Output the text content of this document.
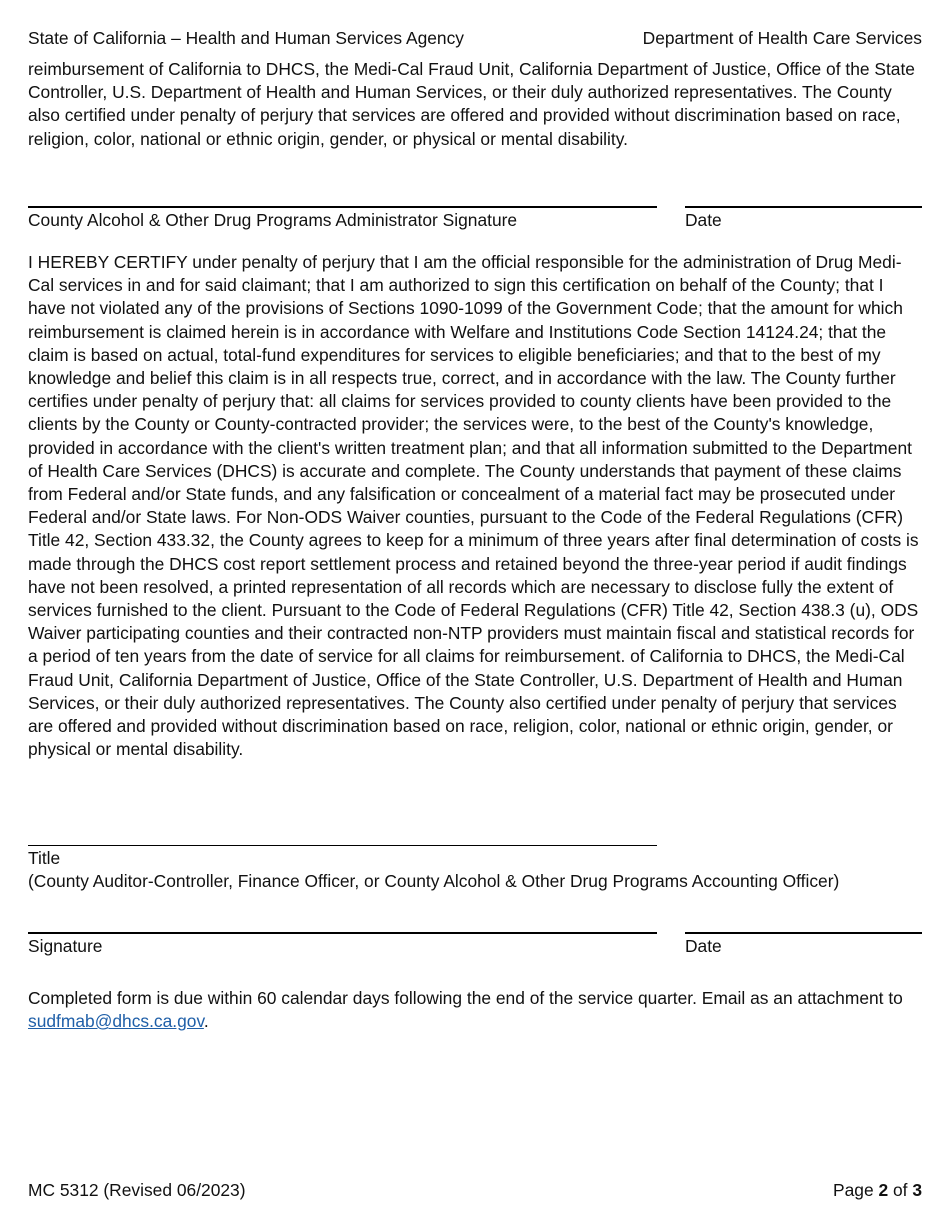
State of California – Health and Human Services Agency	Department of Health Care Services

reimbursement of California to DHCS, the Medi-Cal Fraud Unit, California Department of Justice, Office of the State Controller, U.S. Department of Health and Human Services, or their duly authorized representatives. The County also certified under penalty of perjury that services are offered and provided without discrimination based on race, religion, color, national or ethnic origin, gender, or physical or mental disability.

County Alcohol & Other Drug Programs Administrator Signature	Date

I HEREBY CERTIFY under penalty of perjury that I am the official responsible for the administration of Drug Medi-Cal services in and for said claimant; that I am authorized to sign this certification on behalf of the County; that I have not violated any of the provisions of Sections 1090-1099 of the Government Code; that the amount for which reimbursement is claimed herein is in accordance with Welfare and Institutions Code Section 14124.24; that the claim is based on actual, total-fund expenditures for services to eligible beneficiaries; and that to the best of my knowledge and belief this claim is in all respects true, correct, and in accordance with the law. The County further certifies under penalty of perjury that: all claims for services provided to county clients have been provided to the clients by the County or County-contracted provider; the services were, to the best of the County's knowledge, provided in accordance with the client's written treatment plan; and that all information submitted to the Department of Health Care Services (DHCS) is accurate and complete. The County understands that payment of these claims from Federal and/or State funds, and any falsification or concealment of a material fact may be prosecuted under Federal and/or State laws. For Non-ODS Waiver counties, pursuant to the Code of the Federal Regulations (CFR) Title 42, Section 433.32, the County agrees to keep for a minimum of three years after final determination of costs is made through the DHCS cost report settlement process and retained beyond the three-year period if audit findings have not been resolved, a printed representation of all records which are necessary to disclose fully the extent of services furnished to the client. Pursuant to the Code of Federal Regulations (CFR) Title 42, Section 438.3 (u), ODS Waiver participating counties and their contracted non-NTP providers must maintain fiscal and statistical records for a period of ten years from the date of service for all claims for reimbursement. of California to DHCS, the Medi-Cal Fraud Unit, California Department of Justice, Office of the State Controller, U.S. Department of Health and Human Services, or their duly authorized representatives. The County also certified under penalty of perjury that services are offered and provided without discrimination based on race, religion, color, national or ethnic origin, gender, or physical or mental disability.

Title
(County Auditor-Controller, Finance Officer, or County Alcohol & Other Drug Programs Accounting Officer)
Signature	Date

Completed form is due within 60 calendar days following the end of the service quarter. Email as an attachment to sudfmab@dhcs.ca.gov.

MC 5312 (Revised 06/2023)	Page 2 of 3
